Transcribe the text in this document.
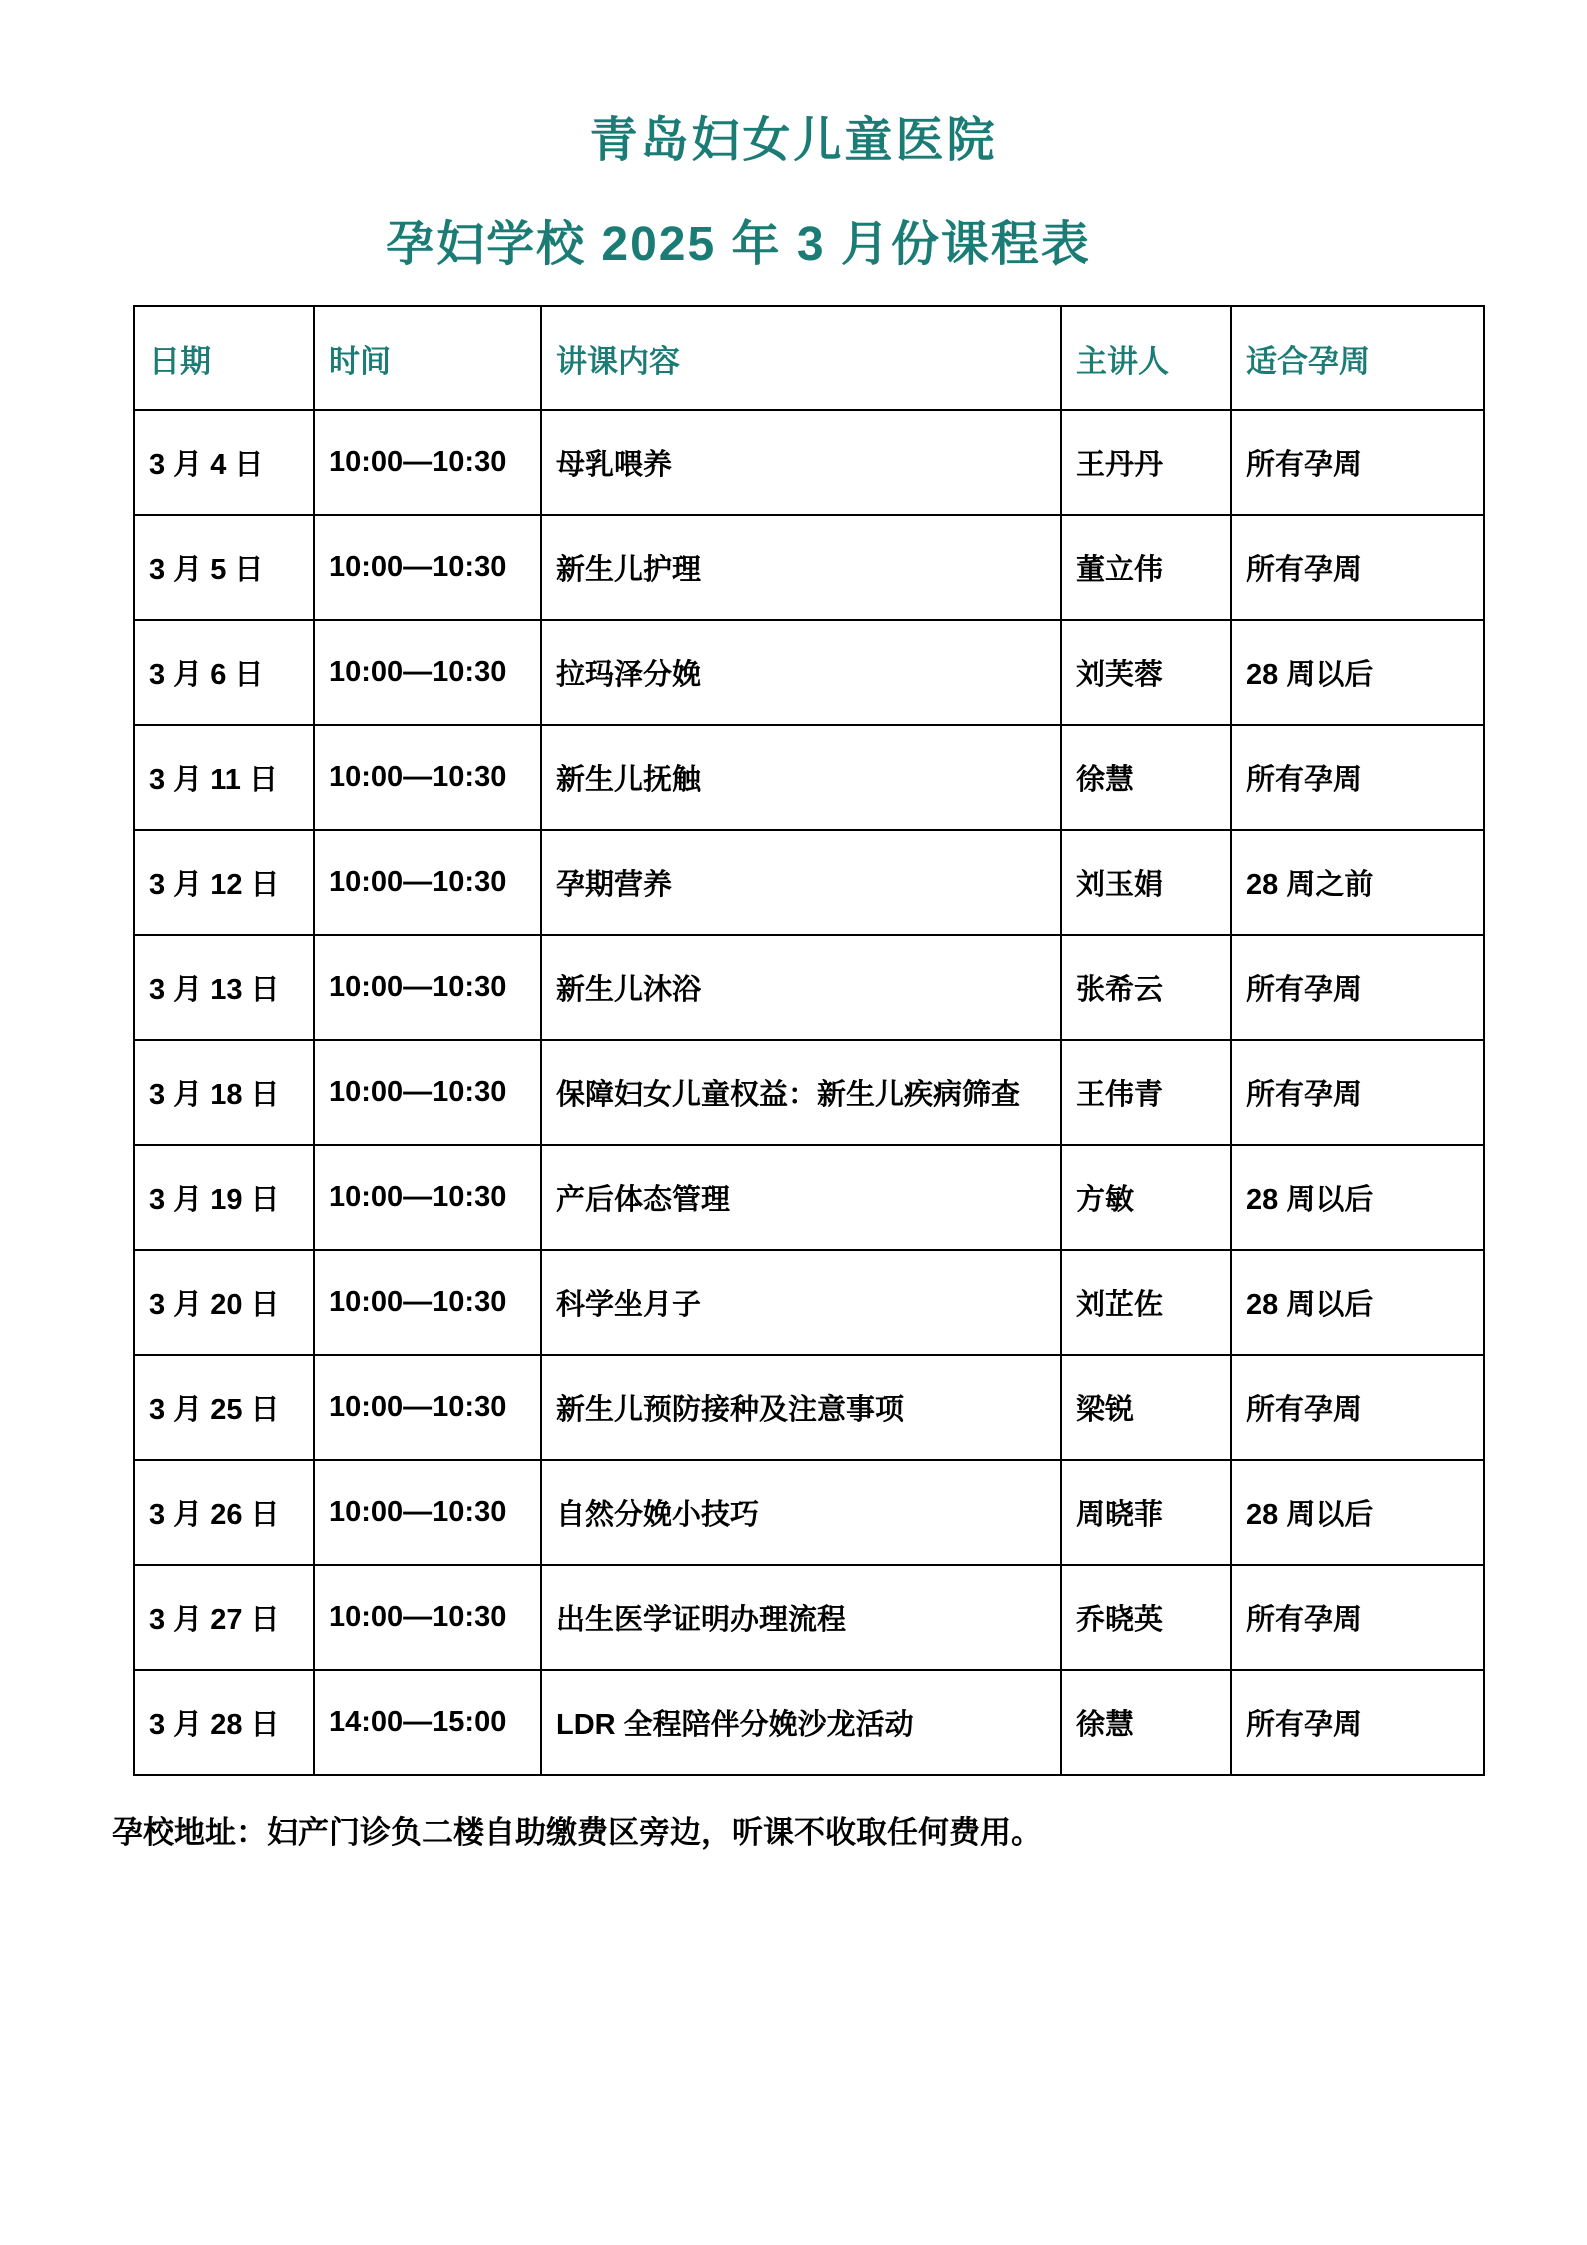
青岛妇女儿童医院
孕妇学校 2025 年 3 月份课程表
日期	时间	讲课内容	主讲人	适合孕周
3 月 4 日	10:00—10:30	母乳喂养	王丹丹	所有孕周
3 月 5 日	10:00—10:30	新生儿护理	董立伟	所有孕周
3 月 6 日	10:00—10:30	拉玛泽分娩	刘芙蓉	28 周以后
3 月 11 日	10:00—10:30	新生儿抚触	徐慧	所有孕周
3 月 12 日	10:00—10:30	孕期营养	刘玉娟	28 周之前
3 月 13 日	10:00—10:30	新生儿沐浴	张希云	所有孕周
3 月 18 日	10:00—10:30	保障妇女儿童权益：新生儿疾病筛查	王伟青	所有孕周
3 月 19 日	10:00—10:30	产后体态管理	方敏	28 周以后
3 月 20 日	10:00—10:30	科学坐月子	刘芷佐	28 周以后
3 月 25 日	10:00—10:30	新生儿预防接种及注意事项	梁锐	所有孕周
3 月 26 日	10:00—10:30	自然分娩小技巧	周晓菲	28 周以后
3 月 27 日	10:00—10:30	出生医学证明办理流程	乔晓英	所有孕周
3 月 28 日	14:00—15:00	LDR 全程陪伴分娩沙龙活动	徐慧	所有孕周

孕校地址：妇产门诊负二楼自助缴费区旁边，听课不收取任何费用。
